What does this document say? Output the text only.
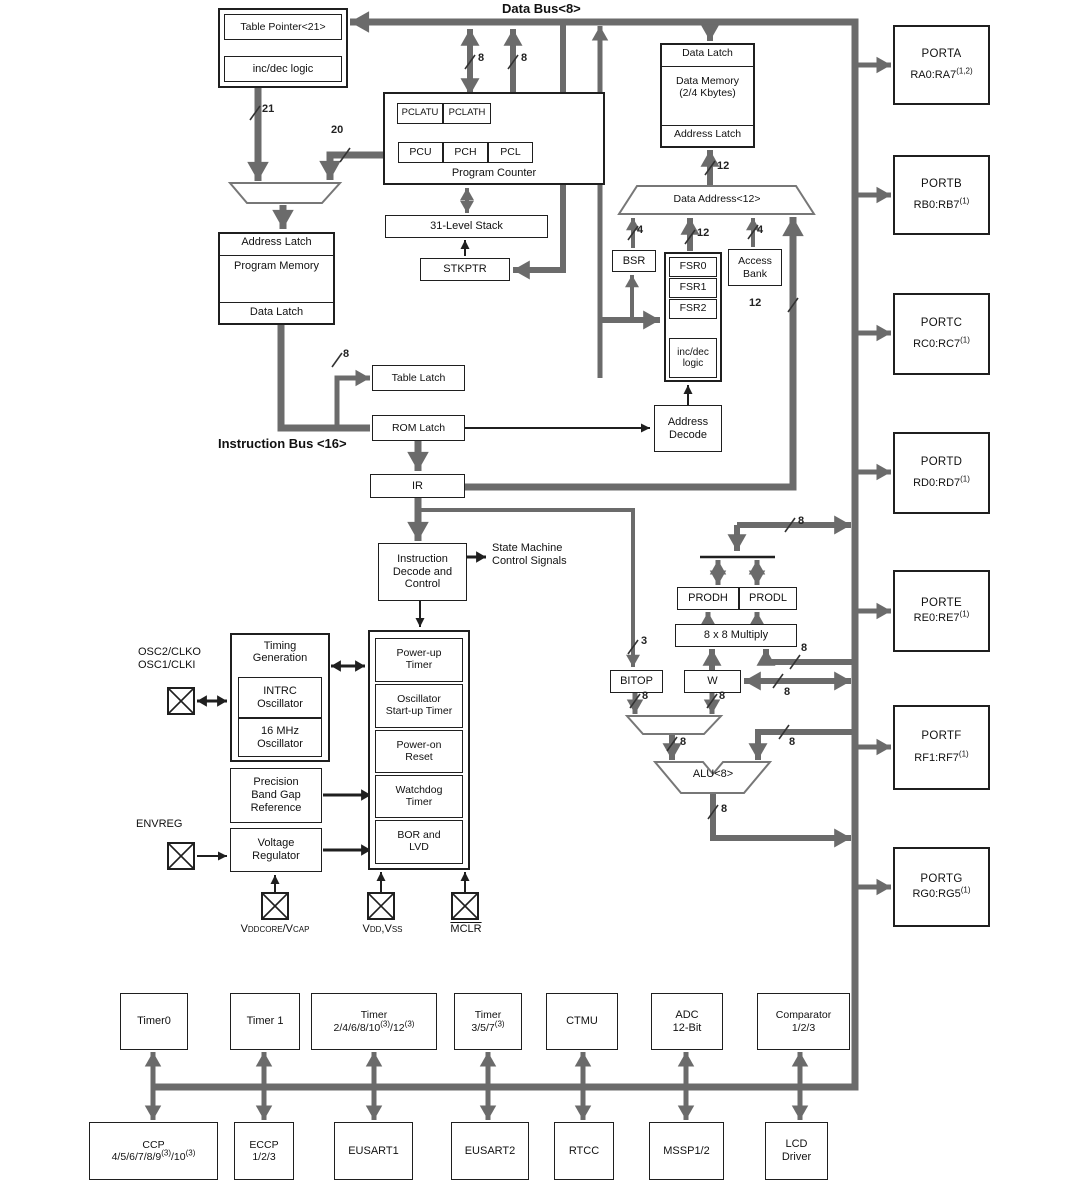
Data Bus<8>
Instruction Bus <16>
Table Pointer<21>
inc/dec logic
PCLATU PCLATH
PCU PCH PCL
Program Counter
31-Level Stack
STKPTR
Address Latch
Program Memory
Data Latch
Data Latch
Data Memory
(2/4 Kbytes)
Address Latch
Data Address<12>
BSR	FSR0
FSR1
FSR2
inc/dec
logic
Access
Bank
Address
Decode
Table Latch
ROM Latch
IR
Instruction
Decode and
Control
State Machine
Control Signals
PRODH PRODL
8 x 8 Multiply
BITOP	W
ALU<8>
PORTA
RA0:RA7$^{(1,2)}$
PORTB
RB0:RB7$^{(1)}$
PORTC
RC0:RC7$^{(1)}$
PORTD
RD0:RD7$^{(1)}$
PORTE
RE0:RE7$^{(1)}$
PORTF
RF1:RF7$^{(1)}$
PORTG
RG0:RG5$^{(1)}$
OSC2/CLKO
OSC1/CLKI
Timing
Generation
INTRC
Oscillator
16 MHz
Oscillator
Power-up
Timer
Oscillator
Start-up Timer
Power-on
Reset
Watchdog
Timer
BOR and
LVD
Precision
Band Gap
Reference
ENVREG
Voltage
Regulator
VDDCORE/VCAP	VDD,VSS	MCLR
Timer0	Timer 1	Timer
2/4/6/8/10$^{(3)}$/12$^{(3)}$
Timer
3/5/7$^{(3)}$	CTMU
ADC
12-Bit
Comparator
1/2/3
CCP
4/5/6/7/8/9$^{(3)}$/10$^{(3)}$
ECCP
1/2/3
EUSART1	EUSART2	RTCC	MSSP1/2
LCD
Driver
21
20
8	8
12
4	12	4
12
8
3
8
8
8
8
8
8	8
8
